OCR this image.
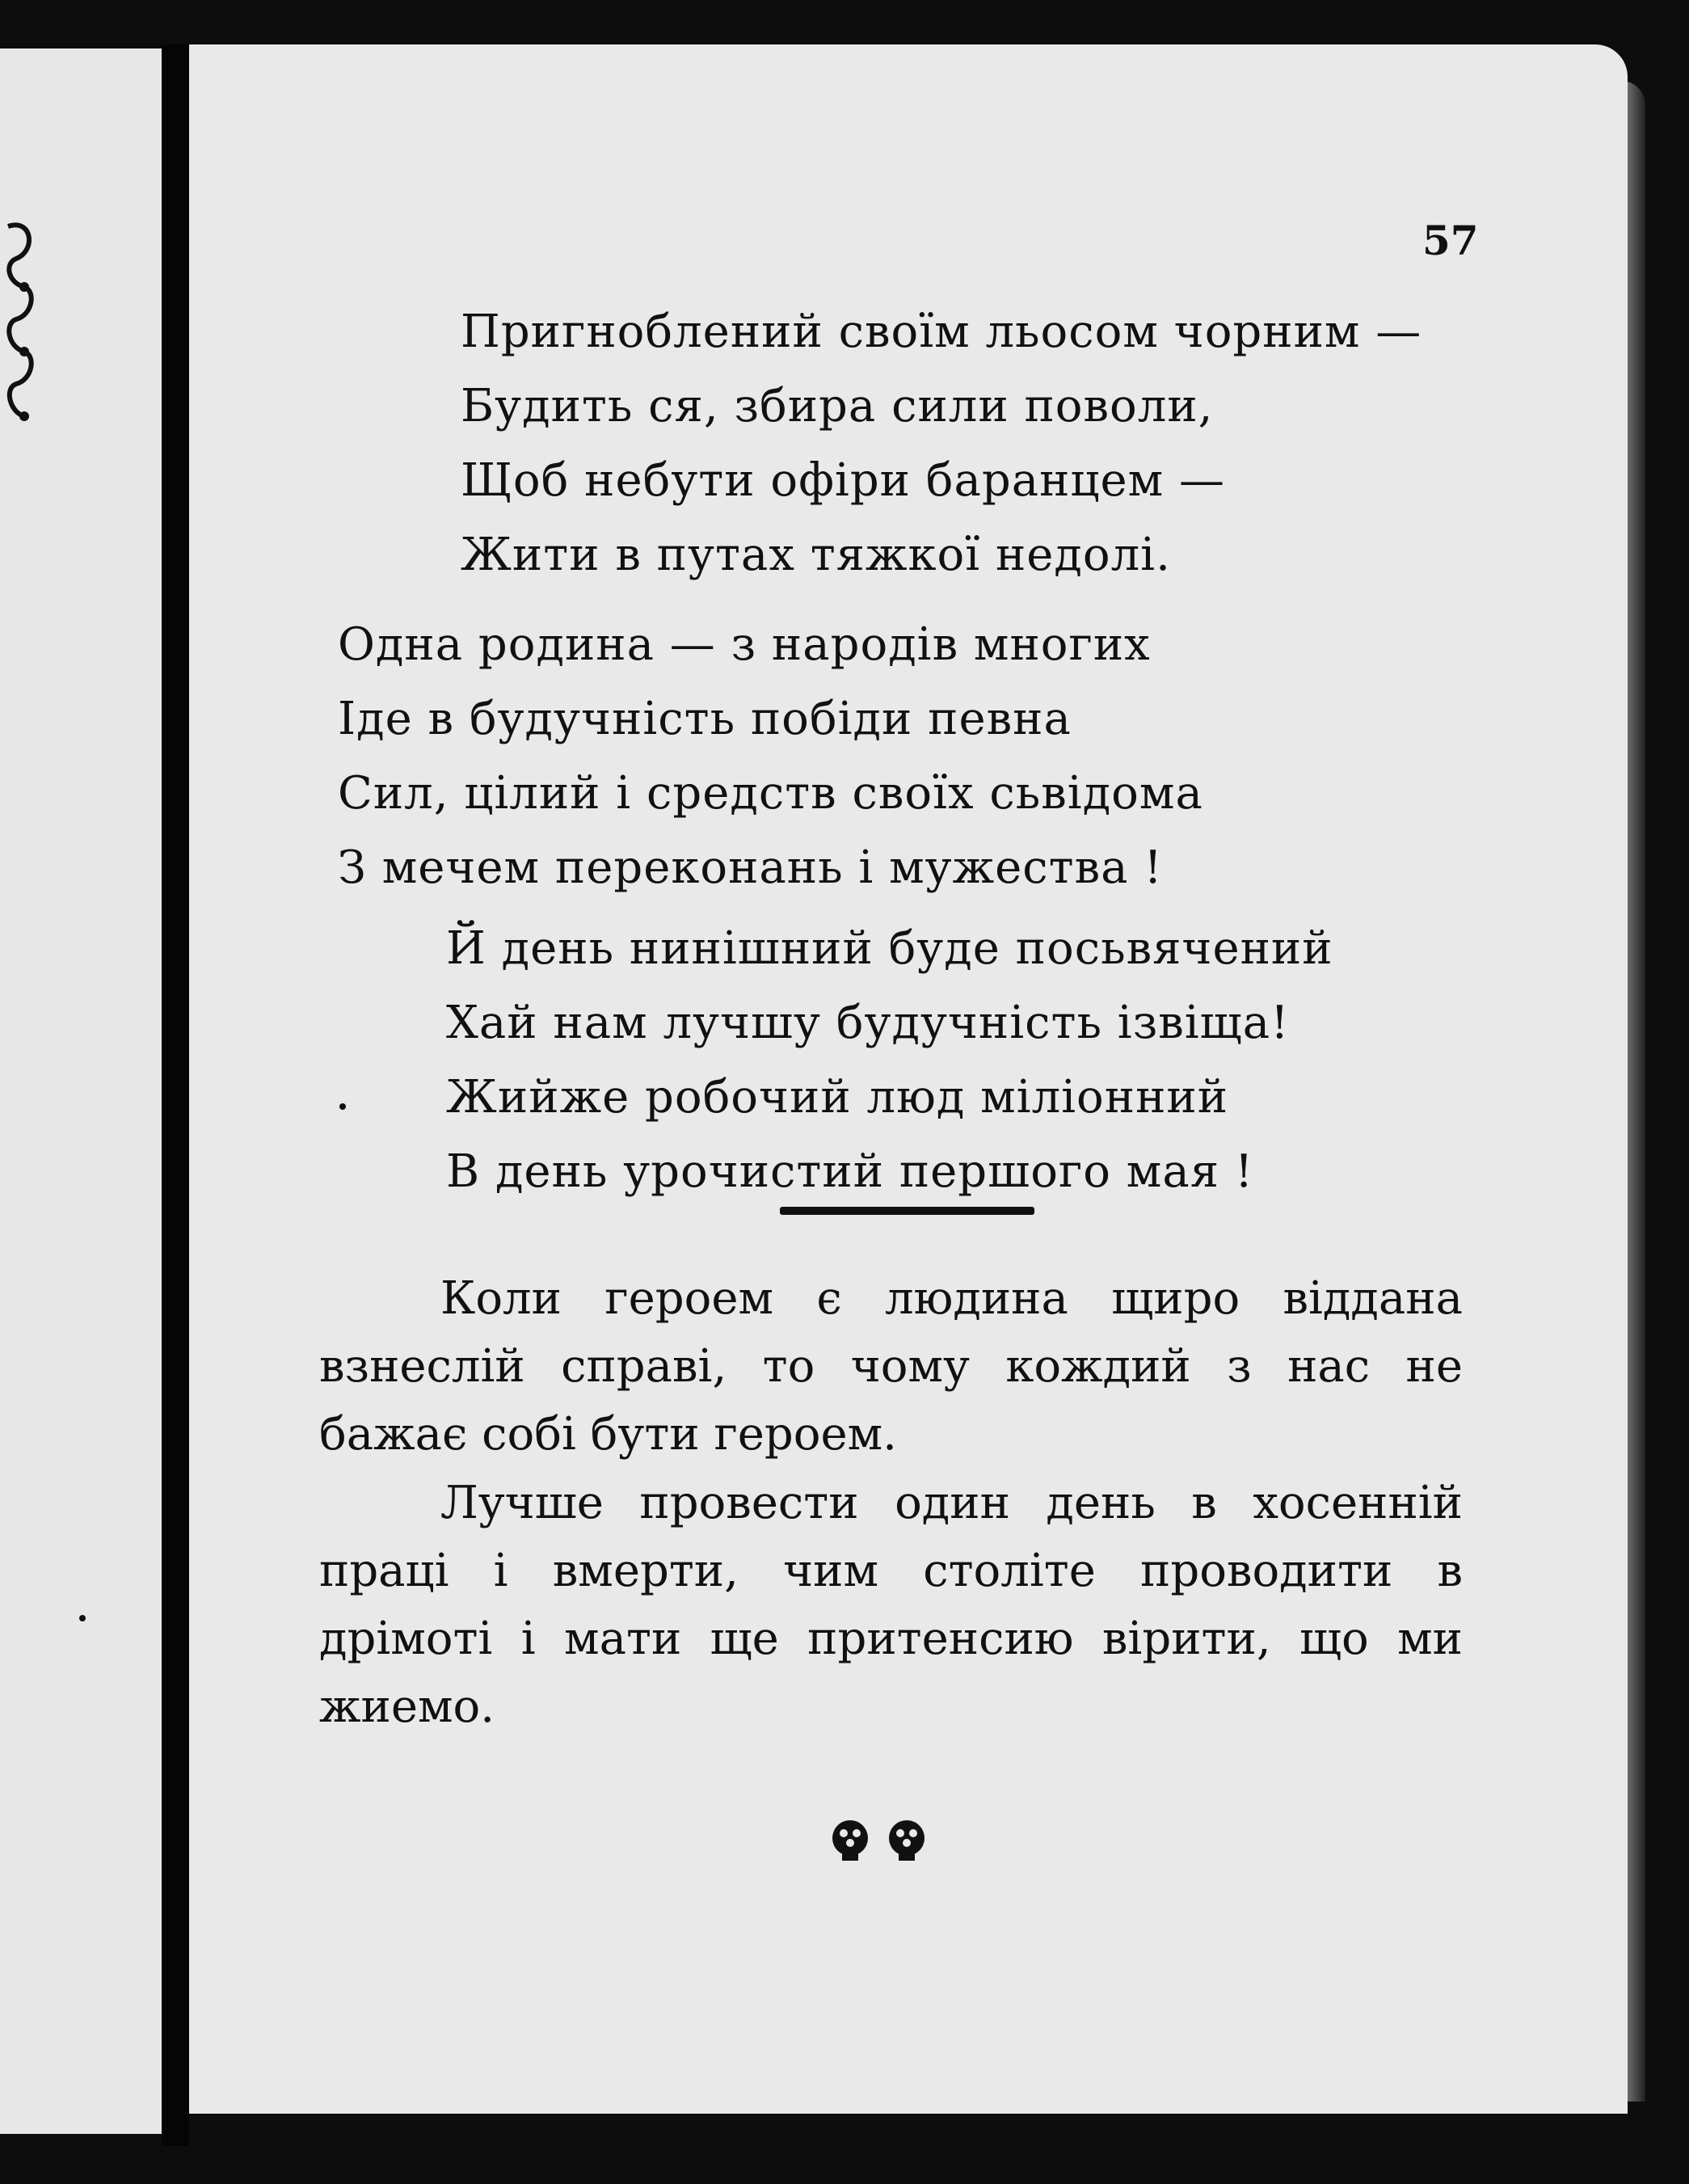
57
Пригноблений своїм льосом чорним —
Будить ся, збира сили поволи,
Щоб небути офіри баранцем —
Жити в путах тяжкої недолі.
Одна родина — з народів многих
Іде в будучність побіди певна
Сил, цілий і средств своїх сьвідома
З мечем переконань і мужества !
Й день нинішний буде посьвячений
Хай нам лучшу будучність ізвіща!
Жийже робочий люд міліонний
В день урочистий першого мая !

Коли героем є людина щиро віддана взнеслій справі, то чому кождий з нас не бажає собі бути героем.

Лучше провести один день в хосенній праці і вмерти, чим століте проводити в дрімоті і мати ще притенсию вірити, що ми жиемо.
